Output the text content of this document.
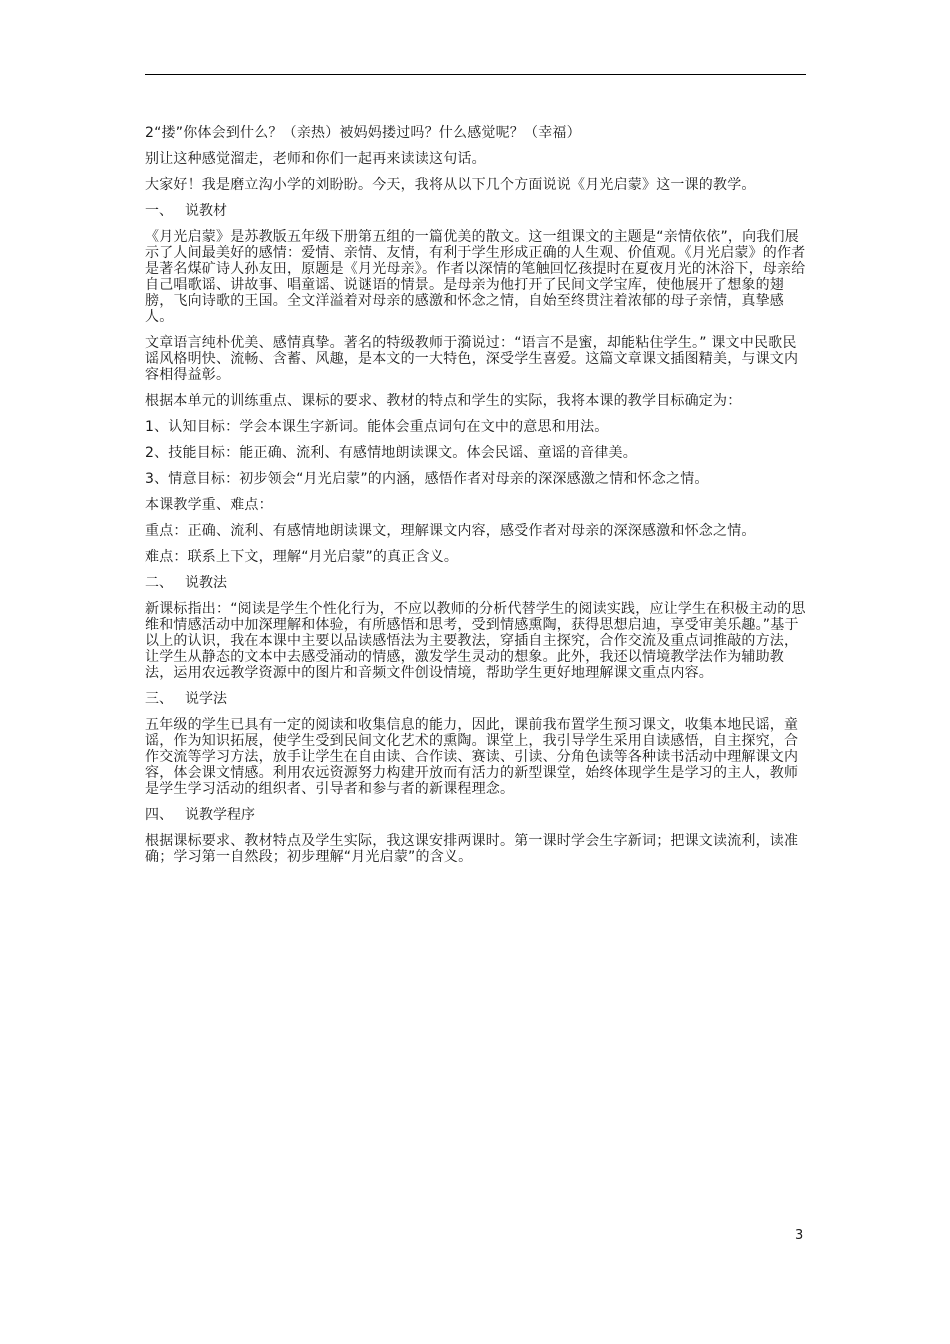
2“搂”你体会到什么？（亲热）被妈妈搂过吗？什么感觉呢？（幸福）

别让这种感觉溜走，老师和你们一起再来读读这句话。

大家好！我是磨立沟小学的刘盼盼。今天，我将从以下几个方面说说《月光启蒙》这一课的教学。

一、 说教材

《月光启蒙》是苏教版五年级下册第五组的一篇优美的散文。这一组课文的主题是“亲情依依”，向我们展示了人间最美好的感情：爱情、亲情、友情，有利于学生形成正确的人生观、价值观。《月光启蒙》的作者是著名煤矿诗人孙友田，原题是《月光母亲》。作者以深情的笔触回忆孩提时在夏夜月光的沐浴下，母亲给自己唱歌谣、讲故事、唱童谣、说谜语的情景。是母亲为他打开了民间文学宝库，使他展开了想象的翅膀，飞向诗歌的王国。全文洋溢着对母亲的感激和怀念之情，自始至终贯注着浓郁的母子亲情，真挚感人。

文章语言纯朴优美、感情真挚。著名的特级教师于漪说过：“语言不是蜜，却能粘住学生。” 课文中民歌民谣风格明快、流畅、含蓄、风趣，是本文的一大特色，深受学生喜爱。这篇文章课文插图精美，与课文内容相得益彰。

根据本单元的训练重点、课标的要求、教材的特点和学生的实际，我将本课的教学目标确定为：

1、认知目标：学会本课生字新词。能体会重点词句在文中的意思和用法。

2、技能目标：能正确、流利、有感情地朗读课文。体会民谣、童谣的音律美。

3、情意目标：初步领会“月光启蒙”的内涵，感悟作者对母亲的深深感激之情和怀念之情。

本课教学重、难点：

重点：正确、流利、有感情地朗读课文，理解课文内容，感受作者对母亲的深深感激和怀念之情。

难点：联系上下文，理解“月光启蒙”的真正含义。

二、 说教法

新课标指出：“阅读是学生个性化行为，不应以教师的分析代替学生的阅读实践，应让学生在积极主动的思维和情感活动中加深理解和体验，有所感悟和思考，受到情感熏陶，获得思想启迪，享受审美乐趣。”基于以上的认识，我在本课中主要以品读感悟法为主要教法，穿插自主探究，合作交流及重点词推敲的方法，让学生从静态的文本中去感受涌动的情感，激发学生灵动的想象。此外，我还以情境教学法作为辅助教法，运用农远教学资源中的图片和音频文件创设情境，帮助学生更好地理解课文重点内容。

三、 说学法

五年级的学生已具有一定的阅读和收集信息的能力，因此，课前我布置学生预习课文，收集本地民谣，童谣，作为知识拓展，使学生受到民间文化艺术的熏陶。课堂上，我引导学生采用自读感悟，自主探究，合作交流等学习方法，放手让学生在自由读、合作读、赛读、引读、分角色读等各种读书活动中理解课文内容，体会课文情感。利用农远资源努力构建开放而有活力的新型课堂，始终体现学生是学习的主人，教师是学生学习活动的组织者、引导者和参与者的新课程理念。

四、 说教学程序

根据课标要求、教材特点及学生实际，我这课安排两课时。第一课时学会生字新词；把课文读流利，读准确；学习第一自然段；初步理解“月光启蒙”的含义。

3
